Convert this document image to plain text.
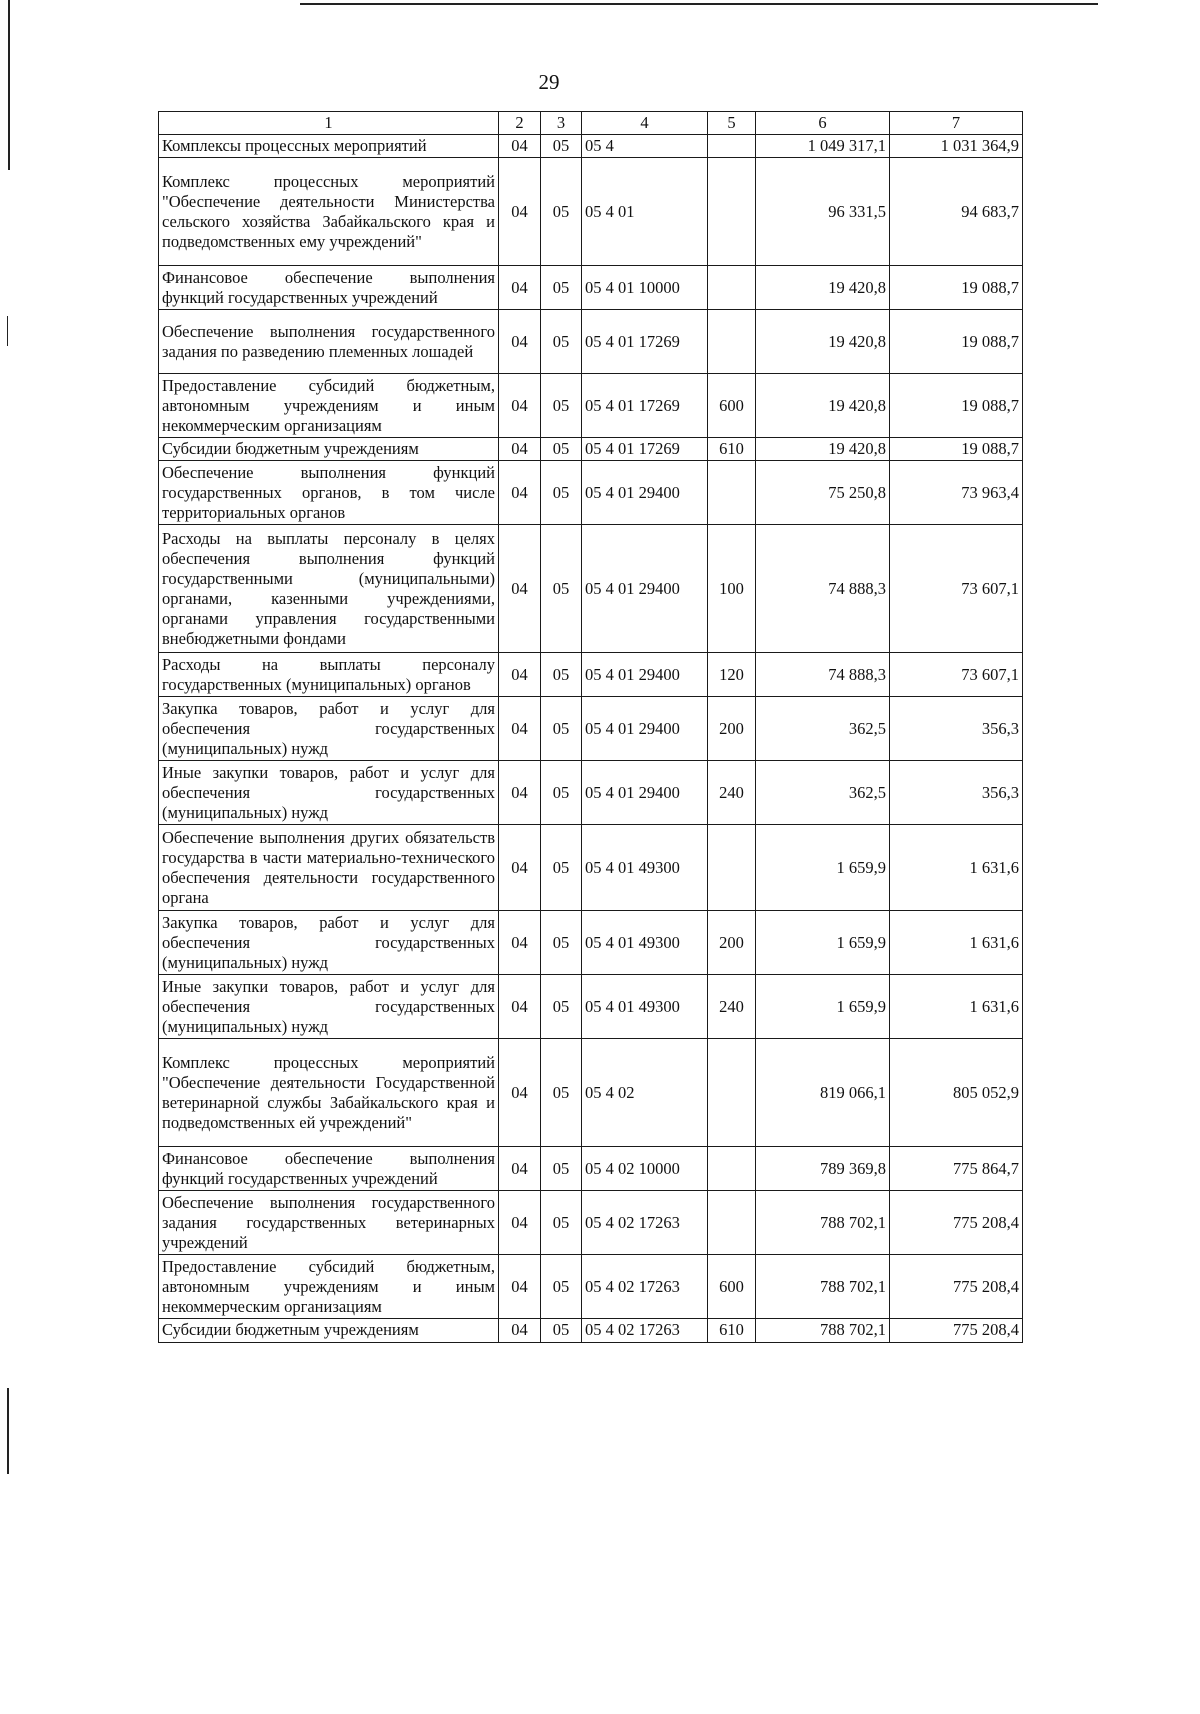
29
1	2	3	4	5	6	7
Комплексы процессных мероприятий	04	05	05 4		1 049 317,1	1 031 364,9
Комплекс процессных мероприятий "Обеспечение деятельности Министерства сельского хозяйства Забайкальского края и подведомственных ему учреждений"	04	05	05 4 01		96 331,5	94 683,7
Финансовое обеспечение выполнения функций государственных учреждений	04	05	05 4 01 10000		19 420,8	19 088,7
Обеспечение выполнения государственного задания по разведению племенных лошадей	04	05	05 4 01 17269		19 420,8	19 088,7
Предоставление субсидий бюджетным, автономным учреждениям и иным некоммерческим организациям	04	05	05 4 01 17269	600	19 420,8	19 088,7
Субсидии бюджетным учреждениям	04	05	05 4 01 17269	610	19 420,8	19 088,7
Обеспечение выполнения функций государственных органов, в том числе территориальных органов	04	05	05 4 01 29400		75 250,8	73 963,4
Расходы на выплаты персоналу в целях обеспечения выполнения функций государственными (муниципальными) органами, казенными учреждениями, органами управления государственными внебюджетными фондами	04	05	05 4 01 29400	100	74 888,3	73 607,1
Расходы на выплаты персоналу государственных (муниципальных) органов	04	05	05 4 01 29400	120	74 888,3	73 607,1
Закупка товаров, работ и услуг для обеспечения государственных (муниципальных) нужд	04	05	05 4 01 29400	200	362,5	356,3
Иные закупки товаров, работ и услуг для обеспечения государственных (муниципальных) нужд	04	05	05 4 01 29400	240	362,5	356,3
Обеспечение выполнения других обязательств государства в части материально-технического обеспечения деятельности государственного органа	04	05	05 4 01 49300		1 659,9	1 631,6
Закупка товаров, работ и услуг для обеспечения государственных (муниципальных) нужд	04	05	05 4 01 49300	200	1 659,9	1 631,6
Иные закупки товаров, работ и услуг для обеспечения государственных (муниципальных) нужд	04	05	05 4 01 49300	240	1 659,9	1 631,6
Комплекс процессных мероприятий "Обеспечение деятельности Государственной ветеринарной службы Забайкальского края и подведомственных ей учреждений"	04	05	05 4 02		819 066,1	805 052,9
Финансовое обеспечение выполнения функций государственных учреждений	04	05	05 4 02 10000		789 369,8	775 864,7
Обеспечение выполнения государственного задания государственных ветеринарных учреждений	04	05	05 4 02 17263		788 702,1	775 208,4
Предоставление субсидий бюджетным, автономным учреждениям и иным некоммерческим организациям	04	05	05 4 02 17263	600	788 702,1	775 208,4
Субсидии бюджетным учреждениям	04	05	05 4 02 17263	610	788 702,1	775 208,4
